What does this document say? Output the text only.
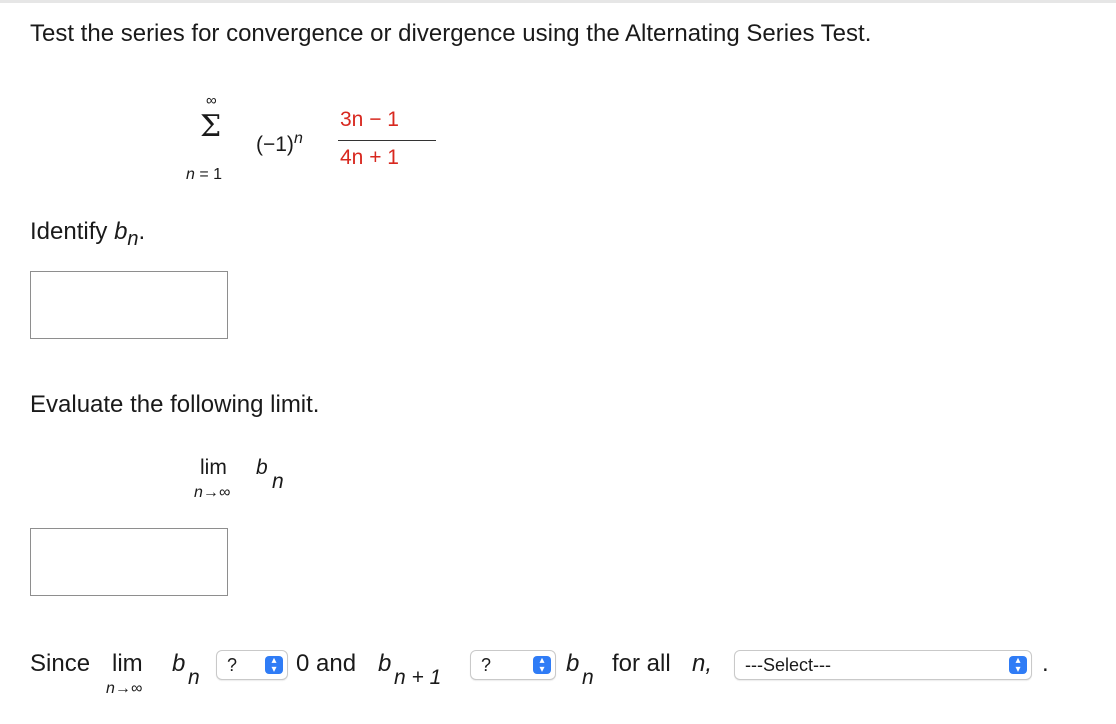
Test the series for convergence or divergence using the Alternating Series Test.
∞
Σ
n = 1
$(-1)^n$
3n − 1
4n + 1
Identify $b_n$.
Evaluate the following limit.
lim
n→∞
b
n
Since lim
n→∞
b
n
?	▴
▾ 0 and b
n + 1
?	▴
▾ b
n
for all n,	---Select---	▴
▾ .
